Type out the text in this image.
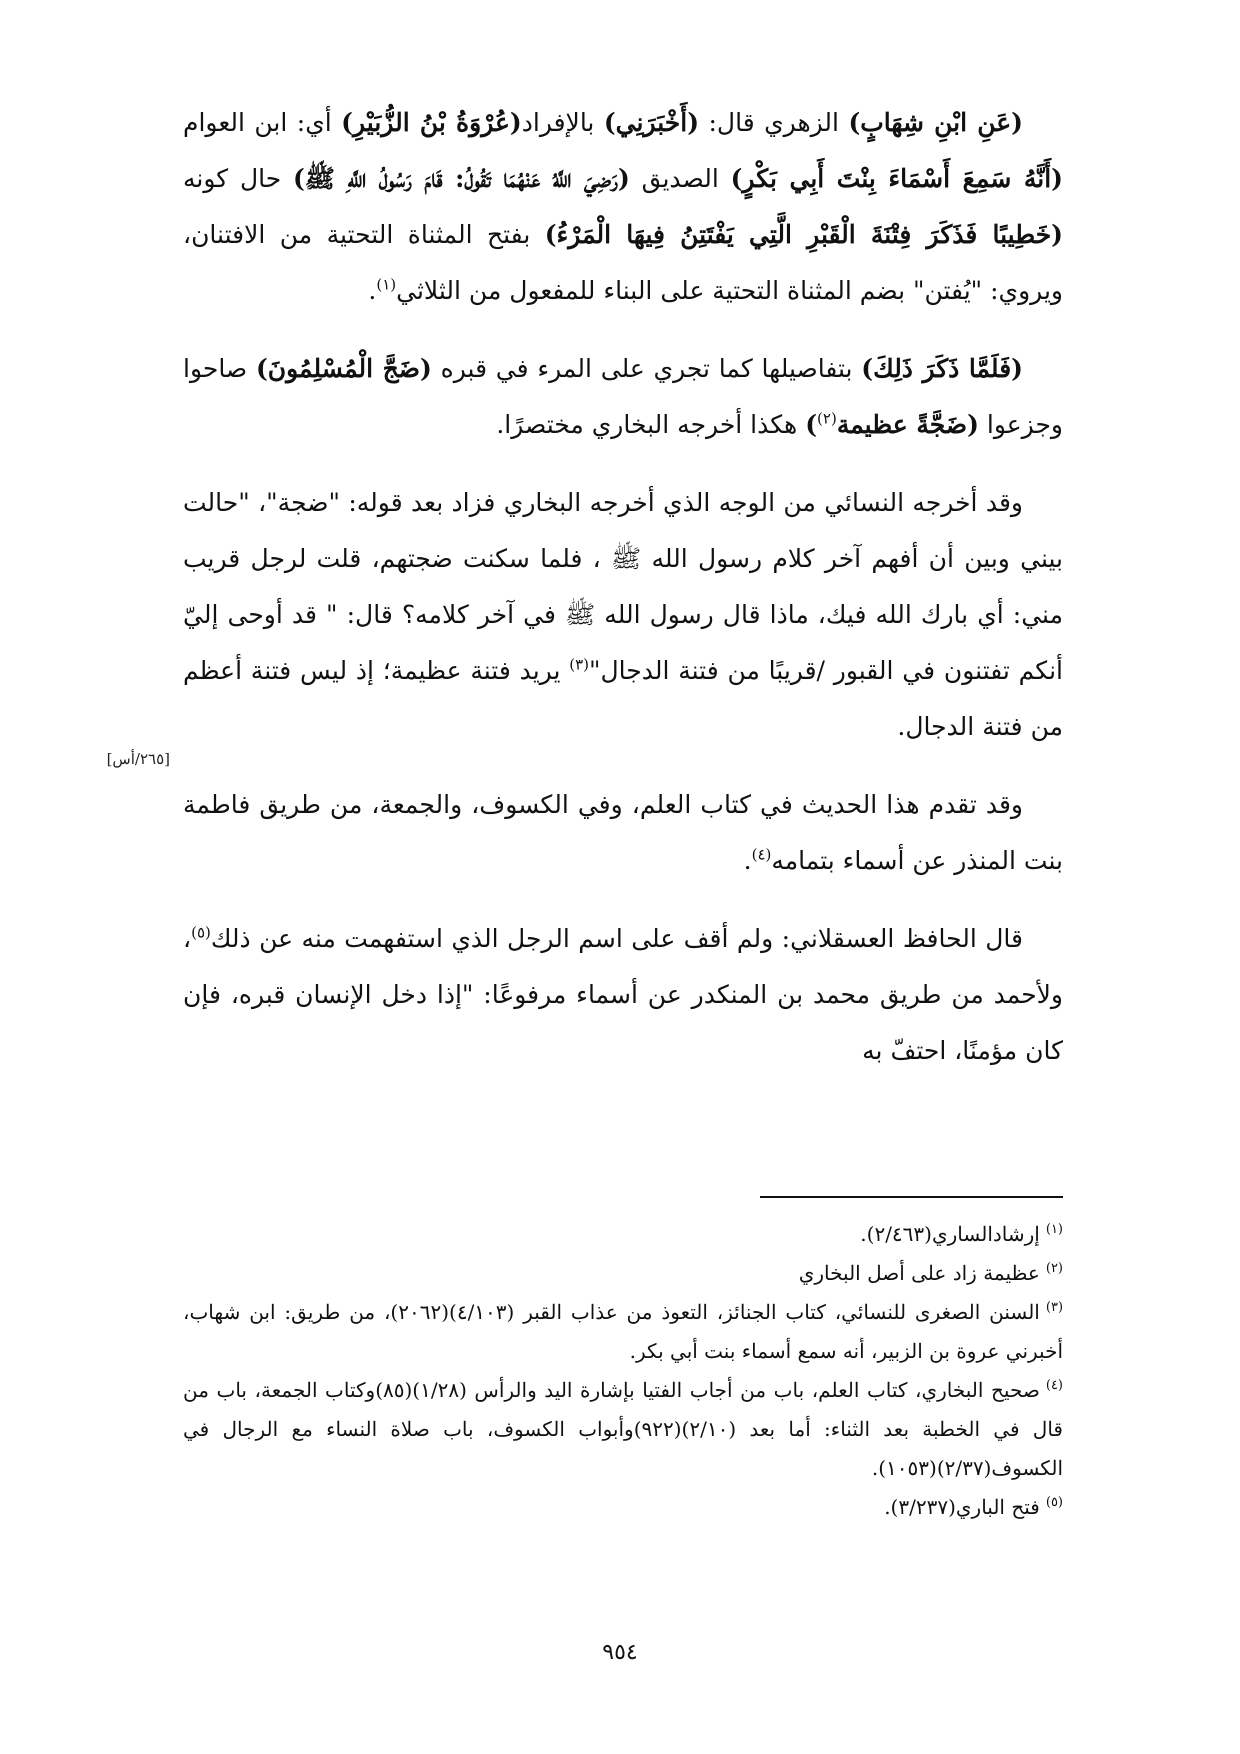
(عَنِ ابْنِ شِهَابٍ) الزهري قال: (أَخْبَرَنِي) بالإفراد(عُرْوَةُ بْنُ الزُّبَيْرِ) أي: ابن العوام (أَنَّهُ سَمِعَ أَسْمَاءَ بِنْتَ أَبِي بَكْرٍ) الصديق (رَضِيَ اللَّهُ عَنْهُمَا تَقُولُ: قَامَ رَسُولُ اللَّهِ ﷺ) حال كونه (خَطِيبًا فَذَكَرَ فِتْنَةَ الْقَبْرِ الَّتِي يَفْتَتِنُ فِيهَا الْمَرْءُ) بفتح المثناة التحتية من الافتنان، ويروي: "يُفتن" بضم المثناة التحتية على البناء للمفعول من الثلاثي$^{(١)}$.

(فَلَمَّا ذَكَرَ ذَلِكَ) بتفاصيلها كما تجري على المرء في قبره (ضَجَّ الْمُسْلِمُونَ) صاحوا وجزعوا (ضَجَّةً عظيمة$^{(٢)}$) هكذا أخرجه البخاري مختصرًا.

وقد أخرجه النسائي من الوجه الذي أخرجه البخاري فزاد بعد قوله: "ضجة"، "حالت بيني وبين أن أفهم آخر كلام رسول الله ﷺ ، فلما سكنت ضجتهم، قلت لرجل قريب مني: أي بارك الله فيك، ماذا قال رسول الله ﷺ في آخر كلامه؟ قال: " قد أوحى إليّ أنكم تفتنون في القبور /قريبًا من فتنة الدجال"$^{(٣)}$ يريد فتنة عظيمة؛ إذ ليس فتنة أعظم من فتنة الدجال.

وقد تقدم هذا الحديث في كتاب العلم، وفي الكسوف، والجمعة، من طريق فاطمة بنت المنذر عن أسماء بتمامه$^{(٤)}$.

قال الحافظ العسقلاني: ولم أقف على اسم الرجل الذي استفهمت منه عن ذلك$^{(٥)}$، ولأحمد من طريق محمد بن المنكدر عن أسماء مرفوعًا: "إذا دخل الإنسان قبره، فإن كان مؤمنًا، احتفّ به

[٢٦٥/أس]

$^{(١)}$إرشادالساري(٢/٤٦٣).

$^{(٢)}$عظيمة زاد على أصل البخاري

$^{(٣)}$السنن الصغرى للنسائي، كتاب الجنائز، التعوذ من عذاب القبر (٤/١٠٣)(٢٠٦٢)، من طريق: ابن شهاب، أخبرني عروة بن الزبير، أنه سمع أسماء بنت أبي بكر.

$^{(٤)}$صحيح البخاري، كتاب العلم، باب من أجاب الفتيا بإشارة اليد والرأس (١/٢٨)(٨٥)وكتاب الجمعة، باب من قال في الخطبة بعد الثناء: أما بعد (٢/١٠)(٩٢٢)وأبواب الكسوف، باب صلاة النساء مع الرجال في الكسوف(٢/٣٧)(١٠٥٣).

$^{(٥)}$فتح الباري(٣/٢٣٧).

٩٥٤
